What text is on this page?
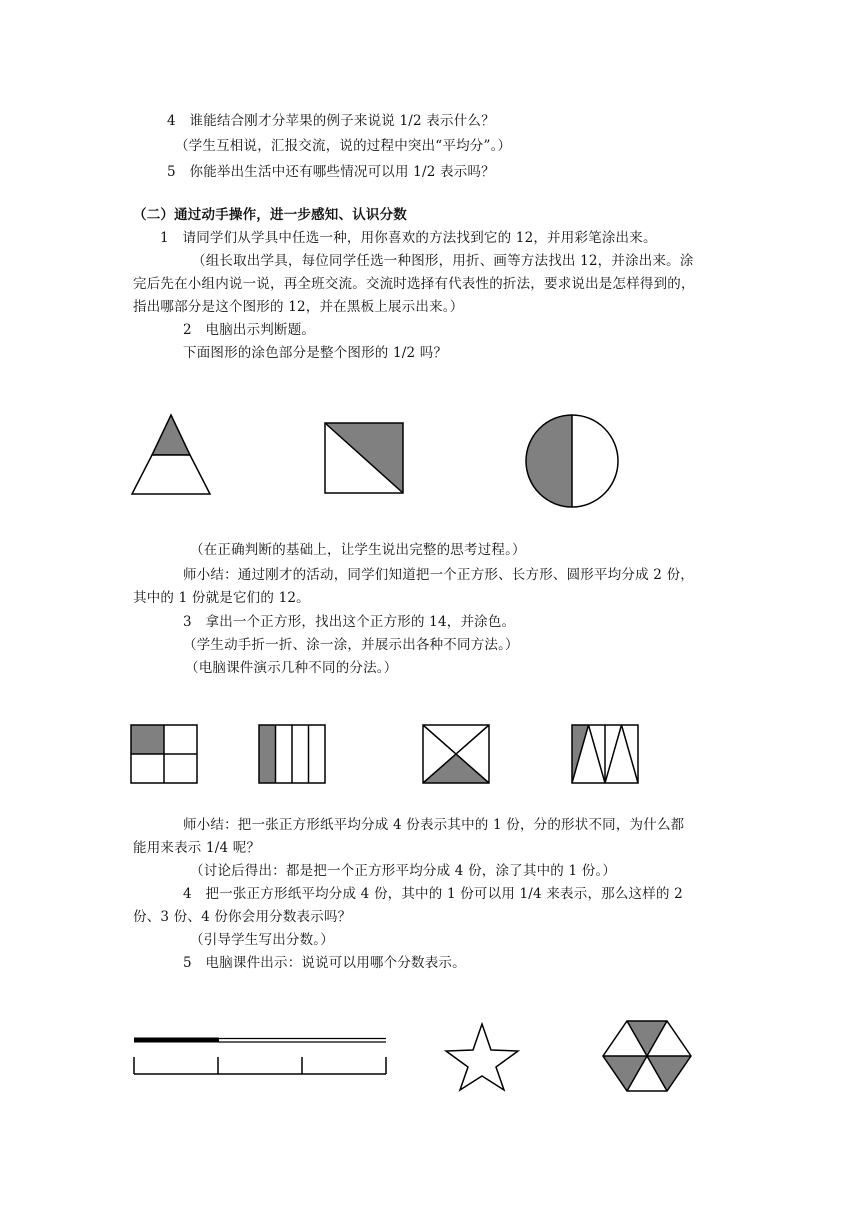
4　谁能结合刚才分苹果的例子来说说 1/2 表示什么？
（学生互相说，汇报交流，说的过程中突出“平均分”。）
5　你能举出生活中还有哪些情况可以用 1/2 表示吗？
（二）通过动手操作，进一步感知、认识分数
1　请同学们从学具中任选一种，用你喜欢的方法找到它的 12，并用彩笔涂出来。
（组长取出学具，每位同学任选一种图形，用折、画等方法找出 12，并涂出来。涂
完后先在小组内说一说，再全班交流。交流时选择有代表性的折法，要求说出是怎样得到的，
指出哪部分是这个图形的 12，并在黑板上展示出来。）
2　电脑出示判断题。
下面图形的涂色部分是整个图形的 1/2 吗？
（在正确判断的基础上，让学生说出完整的思考过程。）
师小结：通过刚才的活动，同学们知道把一个正方形、长方形、圆形平均分成 2 份，
其中的 1 份就是它们的 12。
3　拿出一个正方形，找出这个正方形的 14，并涂色。
（学生动手折一折、涂一涂，并展示出各种不同方法。）
（电脑课件演示几种不同的分法。）
师小结：把一张正方形纸平均分成 4 份表示其中的 1 份，分的形状不同，为什么都
能用来表示 1/4 呢？
（讨论后得出：都是把一个正方形平均分成 4 份，涂了其中的 1 份。）
4　把一张正方形纸平均分成 4 份，其中的 1 份可以用 1/4 来表示，那么这样的 2
份、3 份、4 份你会用分数表示吗？
（引导学生写出分数。）
5　电脑课件出示：说说可以用哪个分数表示。
